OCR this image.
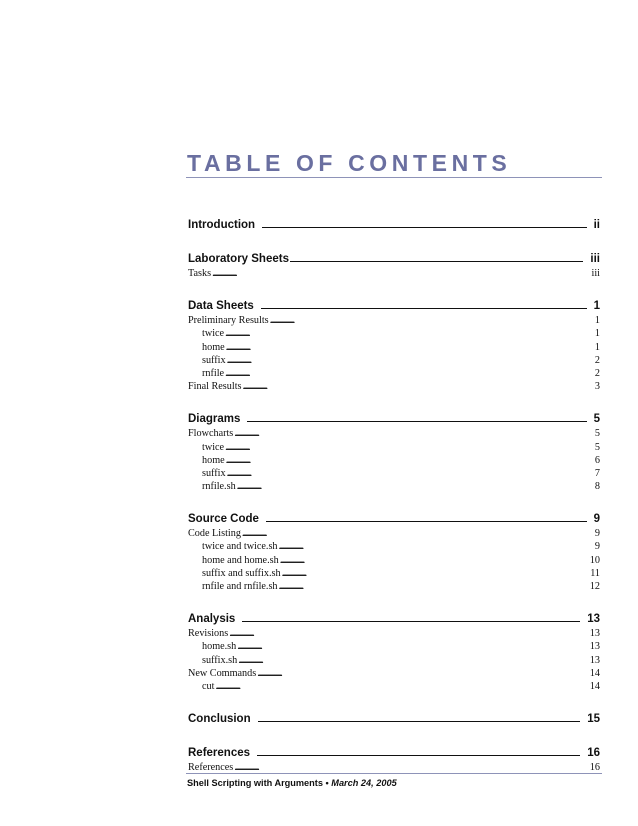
TABLE OF CONTENTS
Introduction	ii
Laboratory Sheets	iii
Tasks . . .	iii
Data Sheets	1
Preliminary Results . . .	1
twice . . .	1
home . . .	1
suffix . . .	2
rnfile . . .	2
Final Results . . .	3
Diagrams	5
Flowcharts . . .	5
twice . . .	5
home . . .	6
suffix . . .	7
rnfile.sh . . .	8
Source Code	9
Code Listing . . .	9
twice and twice.sh . . .	9
home and home.sh . . .	10
suffix and suffix.sh . . .	11
rnfile and rnfile.sh . . .	12
Analysis	13
Revisions . . .	13
home.sh . . .	13
suffix.sh . . .	13
New Commands . . .	14
cut . . .	14
Conclusion	15
References	16
References . . .	16
Shell Scripting with Arguments • March 24, 2005
